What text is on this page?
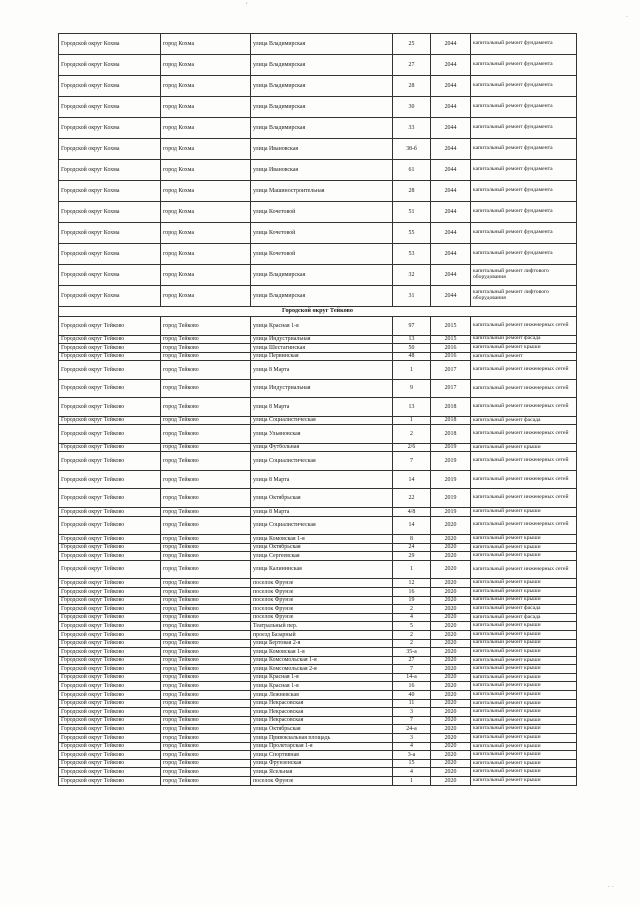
ˈ
·
· ·
Городской округ Кохма	город Кохма	улица Владимирская	25	2044	капитальный ремонт фундамента
Городской округ Кохма	город Кохма	улица Владимирская	27	2044	капитальный ремонт фундамента
Городской округ Кохма	город Кохма	улица Владимирская	28	2044	капитальный ремонт фундамента
Городской округ Кохма	город Кохма	улица Владимирская	30	2044	капитальный ремонт фундамента
Городской округ Кохма	город Кохма	улица Владимирская	33	2044	капитальный ремонт фундамента
Городской округ Кохма	город Кохма	улица Ивановская	38-б	2044	капитальный ремонт фундамента
Городской округ Кохма	город Кохма	улица Ивановская	61	2044	капитальный ремонт фундамента
Городской округ Кохма	город Кохма	улица Машиностроительная	28	2044	капитальный ремонт фундамента
Городской округ Кохма	город Кохма	улица Кочетовой	51	2044	капитальный ремонт фундамента
Городской округ Кохма	город Кохма	улица Кочетовой	55	2044	капитальный ремонт фундамента
Городской округ Кохма	город Кохма	улица Кочетовой	53	2044	капитальный ремонт фундамента
Городской округ Кохма	город Кохма	улица Владимирская	32	2044	капитальный ремонт лифтового оборудования
Городской округ Кохма	город Кохма	улица Владимирская	31	2044	капитальный ремонт лифтового оборудования
Городской округ Тейково					
Городской округ Тейково	город Тейково	улица Красная 1-я	97	2015	капитальный ремонт инженерных сетей
Городской округ Тейково	город Тейково	улица Индустриальная	13	2015	капитальный ремонт фасада
Городской округ Тейково	город Тейково	улица Шестагинская	50	2016	капитальный ремонт крыши
Городской округ Тейково	город Тейково	улица Первинская	48	2016	капитальный ремонт
Городской округ Тейково	город Тейково	улица 8 Марта	1	2017	капитальный ремонт инженерных сетей
Городской округ Тейково	город Тейково	улица Индустриальная	9	2017	капитальный ремонт инженерных сетей
Городской округ Тейково	город Тейково	улица 8 Марта	13	2018	капитальный ремонт инженерных сетей
Городской округ Тейково	город Тейково	улица Социалистическая	1	2018	капитальный ремонт фасада
Городской округ Тейково	город Тейково	улица Ульяновская	2	2018	капитальный ремонт инженерных сетей
Городской округ Тейково	город Тейково	улица Футбольная	2/6	2019	капитальный ремонт крыши
Городской округ Тейково	город Тейково	улица Социалистическая	7	2019	капитальный ремонт инженерных сетей
Городской округ Тейково	город Тейково	улица 8 Марта	14	2019	капитальный ремонт инженерных сетей
Городской округ Тейково	город Тейково	улица Октябрьская	22	2019	капитальный ремонт инженерных сетей
Городской округ Тейково	город Тейково	улица 8 Марта	4/8	2019	капитальный ремонт крыши
Городской округ Тейково	город Тейково	улица Социалистическая	14	2020	капитальный ремонт инженерных сетей
Городской округ Тейково	город Тейково	улица Комовская 1-я	8	2020	капитальный ремонт крыши
Городской округ Тейково	город Тейково	улица Октябрьская	24	2020	капитальный ремонт крыши
Городской округ Тейково	город Тейково	улица Сергеевская	29	2020	капитальный ремонт крыши
Городской округ Тейково	город Тейково	улица Калининская	1	2020	капитальный ремонт инженерных сетей
Городской округ Тейково	город Тейково	поселок Фрунзе	12	2020	капитальный ремонт крыши
Городской округ Тейково	город Тейково	поселок Фрунзе	16	2020	капитальный ремонт крыши
Городской округ Тейково	город Тейково	поселок Фрунзе	19	2020	капитальный ремонт крыши
Городской округ Тейково	город Тейково	поселок Фрунзе	2	2020	капитальный ремонт фасада
Городской округ Тейково	город Тейково	поселок Фрунзе	4	2020	капитальный ремонт фасада
Городской округ Тейково	город Тейково	Театральный пер.	5	2020	капитальный ремонт крыши
Городской округ Тейково	город Тейково	проезд Базарный	2	2020	капитальный ремонт крыши
Городской округ Тейково	город Тейково	улица Бертовая 2-я	2	2020	капитальный ремонт крыши
Городской округ Тейково	город Тейково	улица Комовская 1-я	35-а	2020	капитальный ремонт крыши
Городской округ Тейково	город Тейково	улица Комсомольская 1-я	27	2020	капитальный ремонт крыши
Городской округ Тейково	город Тейково	улица Комсомольская 2-я	7	2020	капитальный ремонт крыши
Городской округ Тейково	город Тейково	улица Красная 1-я	14-а	2020	капитальный ремонт крыши
Городской округ Тейково	город Тейково	улица Красная 1-я	16	2020	капитальный ремонт крыши
Городской округ Тейково	город Тейково	улица Лежневская	40	2020	капитальный ремонт крыши
Городской округ Тейково	город Тейково	улица Некрасовская	11	2020	капитальный ремонт крыши
Городской округ Тейково	город Тейково	улица Некрасовская	3	2020	капитальный ремонт крыши
Городской округ Тейково	город Тейково	улица Некрасовская	7	2020	капитальный ремонт крыши
Городской округ Тейково	город Тейково	улица Октябрьская	24-а	2020	капитальный ремонт крыши
Городской округ Тейково	город Тейково	улица Привокзальная площадь	3	2020	капитальный ремонт крыши
Городской округ Тейково	город Тейково	улица Пролетарская 1-я	4	2020	капитальный ремонт крыши
Городской округ Тейково	город Тейково	улица Спортивная	3-а	2020	капитальный ремонт крыши
Городской округ Тейково	город Тейково	улица Фрунзенская	15	2020	капитальный ремонт крыши
Городской округ Тейково	город Тейково	улица Ясельная	4	2020	капитальный ремонт крыши
Городской округ Тейково	город Тейково	поселок Фрунзе	1	2020	капитальный ремонт крыши
